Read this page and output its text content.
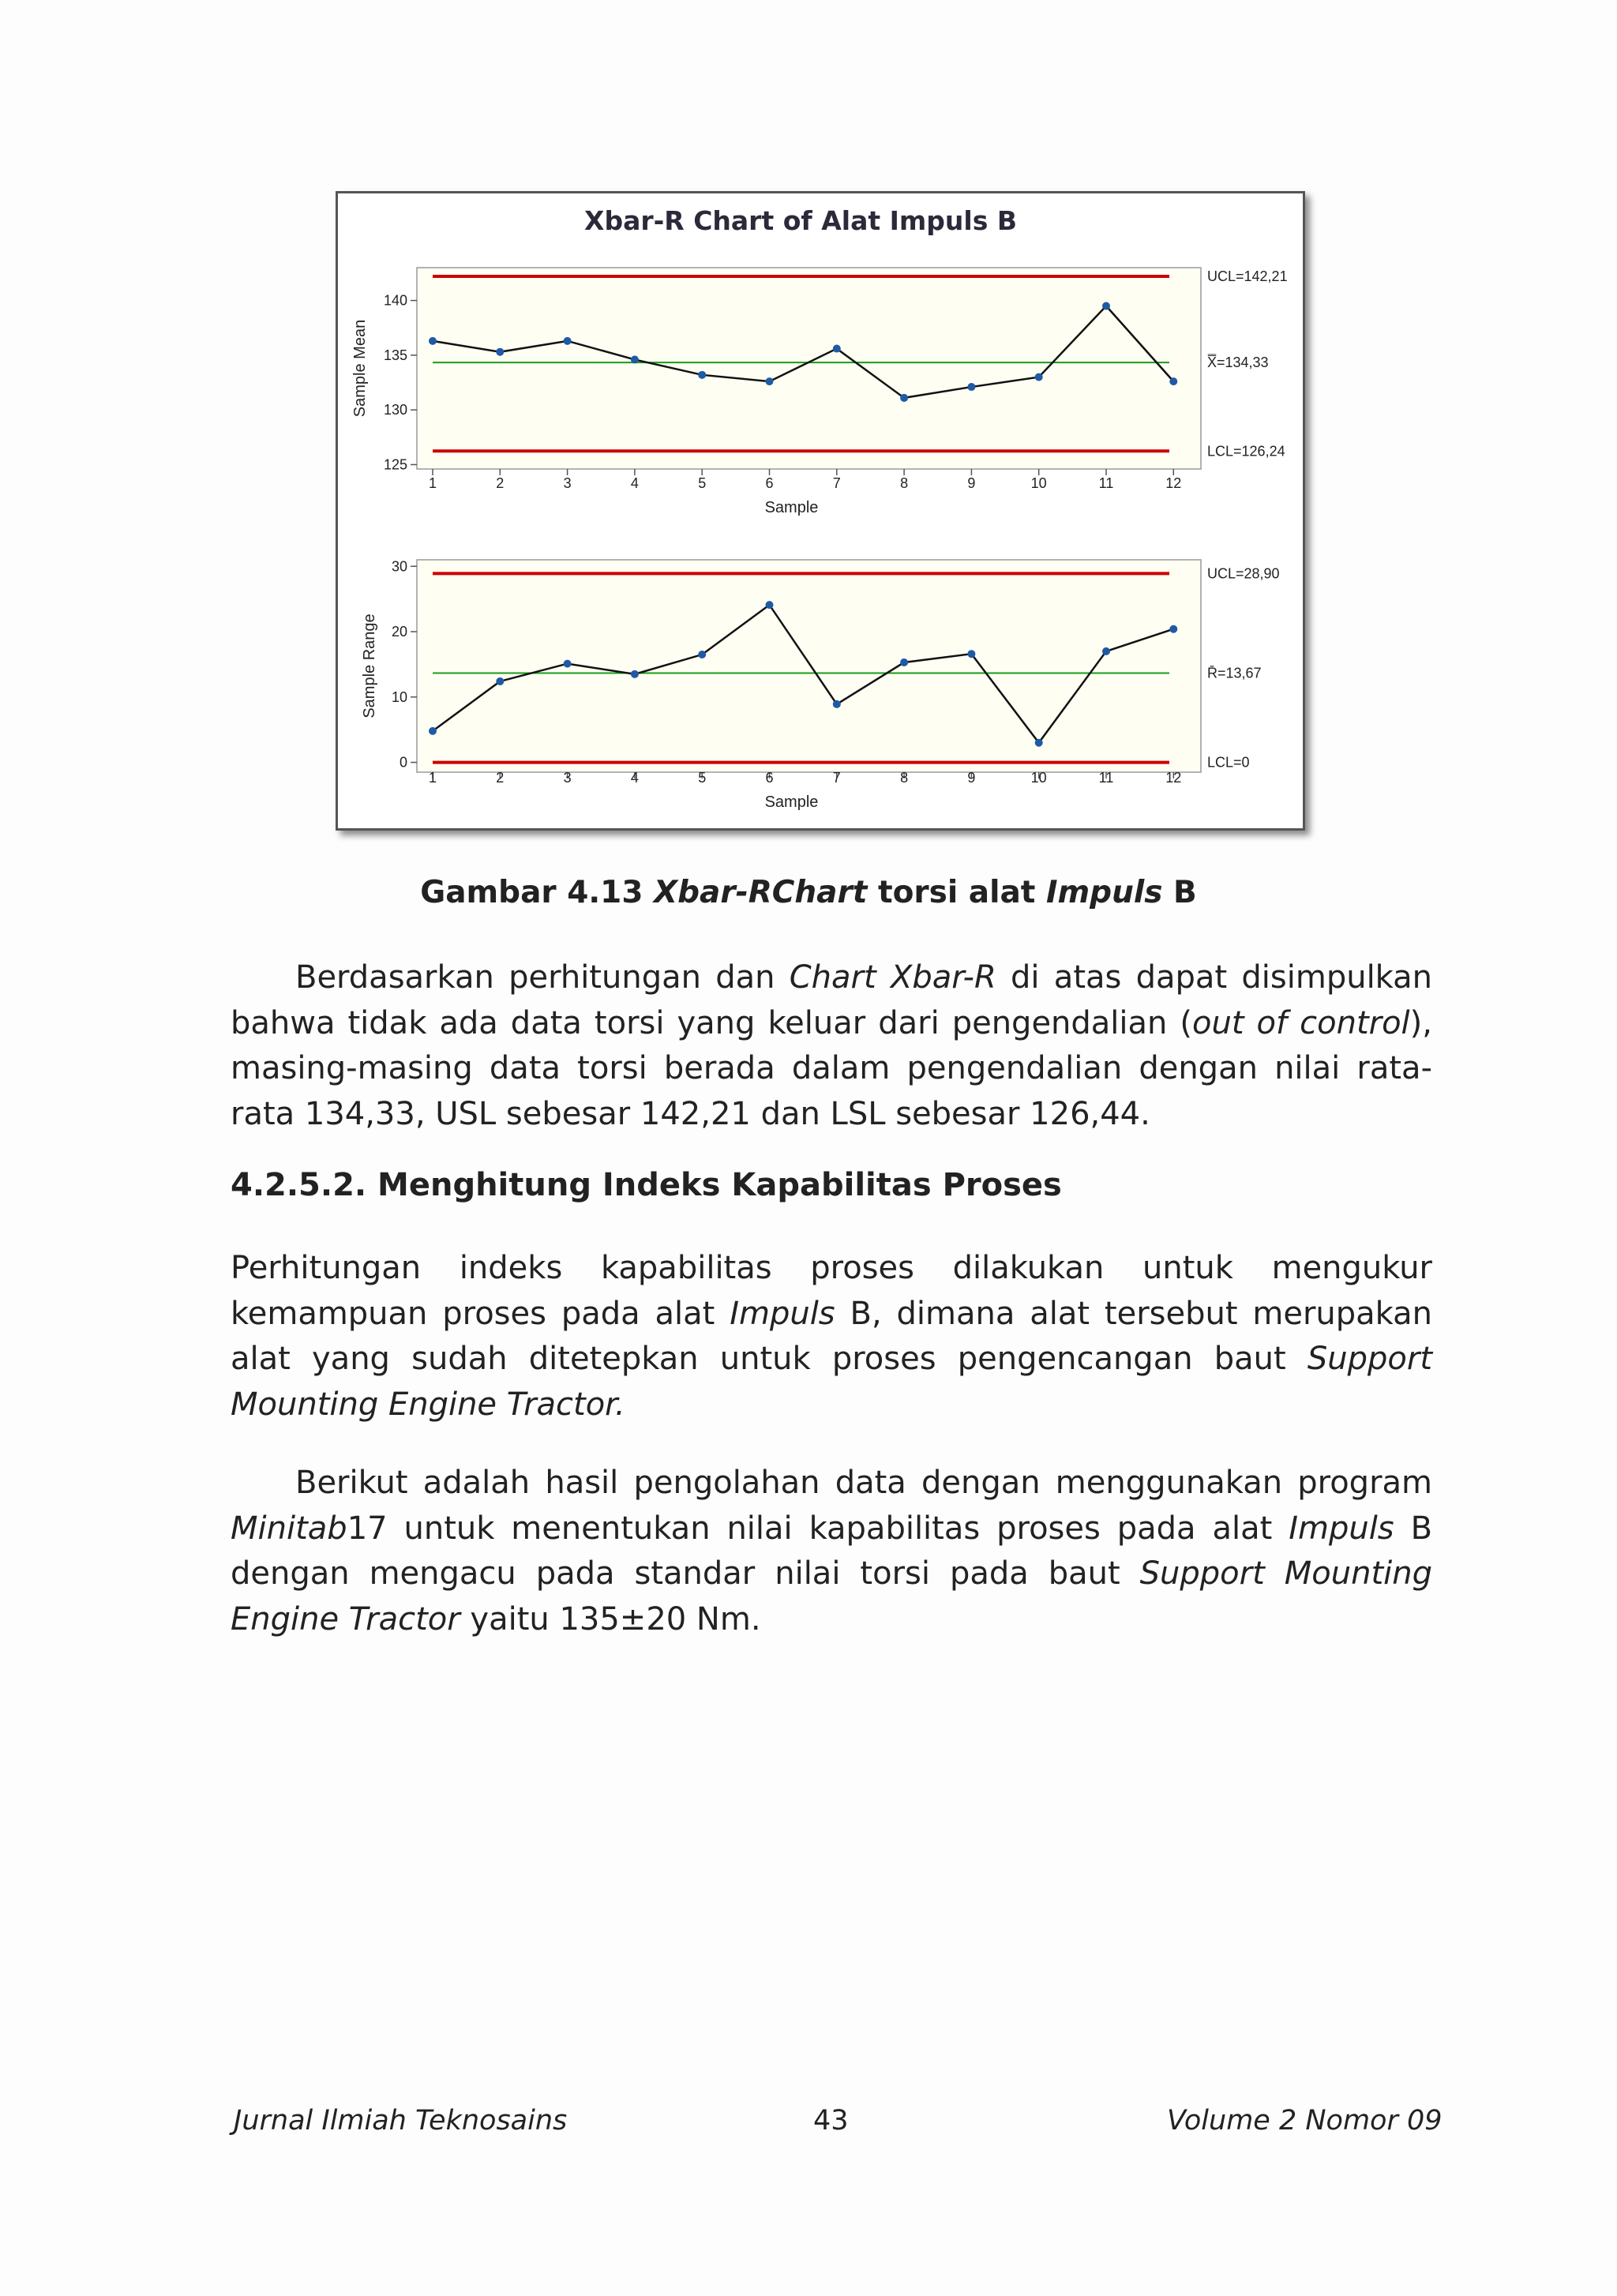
Xbar-R Chart of Alat Impuls B
125
130
135
140
1	2	3	4	5	6	7	8	9	10	11	12
Sample
Sample Mean
UCL=142,21
X̿=134,33
LCL=126,24
0
10
20
30
1	2	3	4	5	6	7	8	9	10	11	12
Sample
Sample Range
UCL=28,90
R̄=13,67
LCL=0

Gambar 4.13 Xbar-RChart torsi alat Impuls B

Berdasarkan perhitungan dan Chart Xbar-R di atas dapat disimpulkan bahwa tidak ada data torsi yang keluar dari pengendalian (out of control), masing-masing data torsi berada dalam pengendalian dengan nilai rata-rata 134,33, USL sebesar 142,21 dan LSL sebesar 126,44.

4.2.5.2. Menghitung Indeks Kapabilitas Proses

Perhitungan indeks kapabilitas proses dilakukan untuk mengukur kemampuan proses pada alat Impuls B, dimana alat tersebut merupakan alat yang sudah ditetepkan untuk proses pengencangan baut Support Mounting Engine Tractor.

Berikut adalah hasil pengolahan data dengan menggunakan program Minitab17 untuk menentukan nilai kapabilitas proses pada alat Impuls B dengan mengacu pada standar nilai torsi pada baut Support Mounting Engine Tractor yaitu 135±20 Nm.

Jurnal Ilmiah Teknosains	43	Volume 2 Nomor 09
